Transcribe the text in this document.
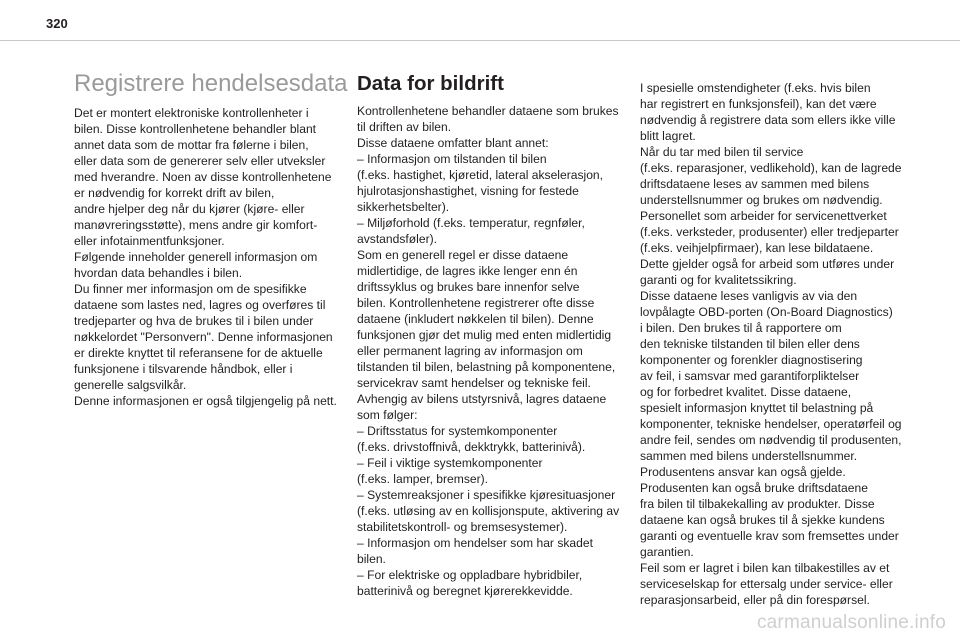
320

Registrere hendelsesdata
Det er montert elektroniske kontrollenheter i
bilen. Disse kontrollenhetene behandler blant
annet data som de mottar fra følerne i bilen,
eller data som de genererer selv eller utveksler
med hverandre. Noen av disse kontrollenhetene
er nødvendig for korrekt drift av bilen,
andre hjelper deg når du kjører (kjøre- eller
manøvreringsstøtte), mens andre gir komfort-
eller infotainmentfunksjoner.
Følgende inneholder generell informasjon om
hvordan data behandles i bilen.
Du finner mer informasjon om de spesifikke
dataene som lastes ned, lagres og overføres til
tredjeparter og hva de brukes til i bilen under
nøkkelordet "Personvern". Denne informasjonen
er direkte knyttet til referansene for de aktuelle
funksjonene i tilsvarende håndbok, eller i
generelle salgsvilkår.
Denne informasjonen er også tilgjengelig på nett.
Data for bildrift
Kontrollenhetene behandler dataene som brukes
til driften av bilen.
Disse dataene omfatter blant annet:
– Informasjon om tilstanden til bilen
(f.eks. hastighet, kjøretid, lateral akselerasjon,
hjulrotasjonshastighet, visning for festede
sikkerhetsbelter).
– Miljøforhold (f.eks. temperatur, regnføler,
avstandsføler).
Som en generell regel er disse dataene
midlertidige, de lagres ikke lenger enn én
driftssyklus og brukes bare innenfor selve
bilen. Kontrollenhetene registrerer ofte disse
dataene (inkludert nøkkelen til bilen). Denne
funksjonen gjør det mulig med enten midlertidig
eller permanent lagring av informasjon om
tilstanden til bilen, belastning på komponentene,
servicekrav samt hendelser og tekniske feil.
Avhengig av bilens utstyrsnivå, lagres dataene
som følger:
– Driftsstatus for systemkomponenter
(f.eks. drivstoffnivå, dekktrykk, batterinivå).
– Feil i viktige systemkomponenter
(f.eks. lamper, bremser).
– Systemreaksjoner i spesifikke kjøresituasjoner
(f.eks. utløsing av en kollisjonspute, aktivering av
stabilitetskontroll- og bremsesystemer).
– Informasjon om hendelser som har skadet
bilen.
– For elektriske og oppladbare hybridbiler,
batterinivå og beregnet kjørerekkevidde.
I spesielle omstendigheter (f.eks. hvis bilen
har registrert en funksjonsfeil), kan det være
nødvendig å registrere data som ellers ikke ville
blitt lagret.
Når du tar med bilen til service
(f.eks. reparasjoner, vedlikehold), kan de lagrede
driftsdataene leses av sammen med bilens
understellsnummer og brukes om nødvendig.
Personellet som arbeider for servicenettverket
(f.eks. verksteder, produsenter) eller tredjeparter
(f.eks. veihjelpfirmaer), kan lese bildataene.
Dette gjelder også for arbeid som utføres under
garanti og for kvalitetssikring.
Disse dataene leses vanligvis av via den
lovpålagte OBD-porten (On-Board Diagnostics)
i bilen. Den brukes til å rapportere om
den tekniske tilstanden til bilen eller dens
komponenter og forenkler diagnostisering
av feil, i samsvar med garantiforpliktelser
og for forbedret kvalitet. Disse dataene,
spesielt informasjon knyttet til belastning på
komponenter, tekniske hendelser, operatørfeil og
andre feil, sendes om nødvendig til produsenten,
sammen med bilens understellsnummer.
Produsentens ansvar kan også gjelde.
Produsenten kan også bruke driftsdataene
fra bilen til tilbakekalling av produkter. Disse
dataene kan også brukes til å sjekke kundens
garanti og eventuelle krav som fremsettes under
garantien.
Feil som er lagret i bilen kan tilbakestilles av et
serviceselskap for ettersalg under service- eller
reparasjonsarbeid, eller på din forespørsel.
carmanualsonline.info
